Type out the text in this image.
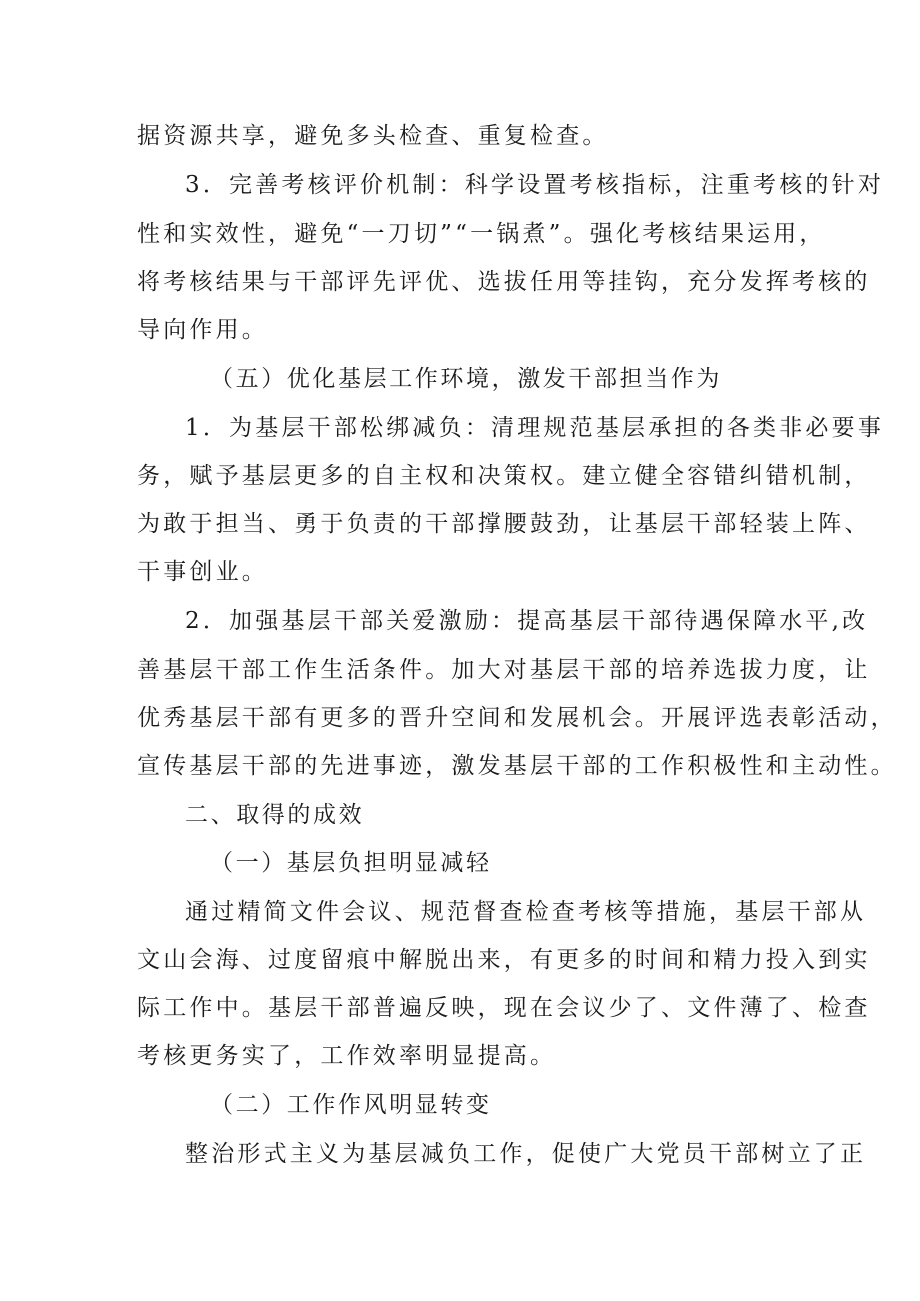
据资源共享，避免多头检查、重复检查。
3．完善考核评价机制：科学设置考核指标，注重考核的针对
性和实效性，避免“一刀切”“一锅煮”。强化考核结果运用，
将考核结果与干部评先评优、选拔任用等挂钩，充分发挥考核的
导向作用。
（五）优化基层工作环境，激发干部担当作为
1．为基层干部松绑减负：清理规范基层承担的各类非必要事
务，赋予基层更多的自主权和决策权。建立健全容错纠错机制，
为敢于担当、勇于负责的干部撑腰鼓劲，让基层干部轻装上阵、
干事创业。
2．加强基层干部关爱激励：提高基层干部待遇保障水平,改
善基层干部工作生活条件。加大对基层干部的培养选拔力度，让
优秀基层干部有更多的晋升空间和发展机会。开展评选表彰活动，
宣传基层干部的先进事迹，激发基层干部的工作积极性和主动性。
二、取得的成效
（一）基层负担明显减轻
通过精简文件会议、规范督查检查考核等措施，基层干部从
文山会海、过度留痕中解脱出来，有更多的时间和精力投入到实
际工作中。基层干部普遍反映，现在会议少了、文件薄了、检查
考核更务实了，工作效率明显提高。
（二）工作作风明显转变
整治形式主义为基层减负工作，促使广大党员干部树立了正
